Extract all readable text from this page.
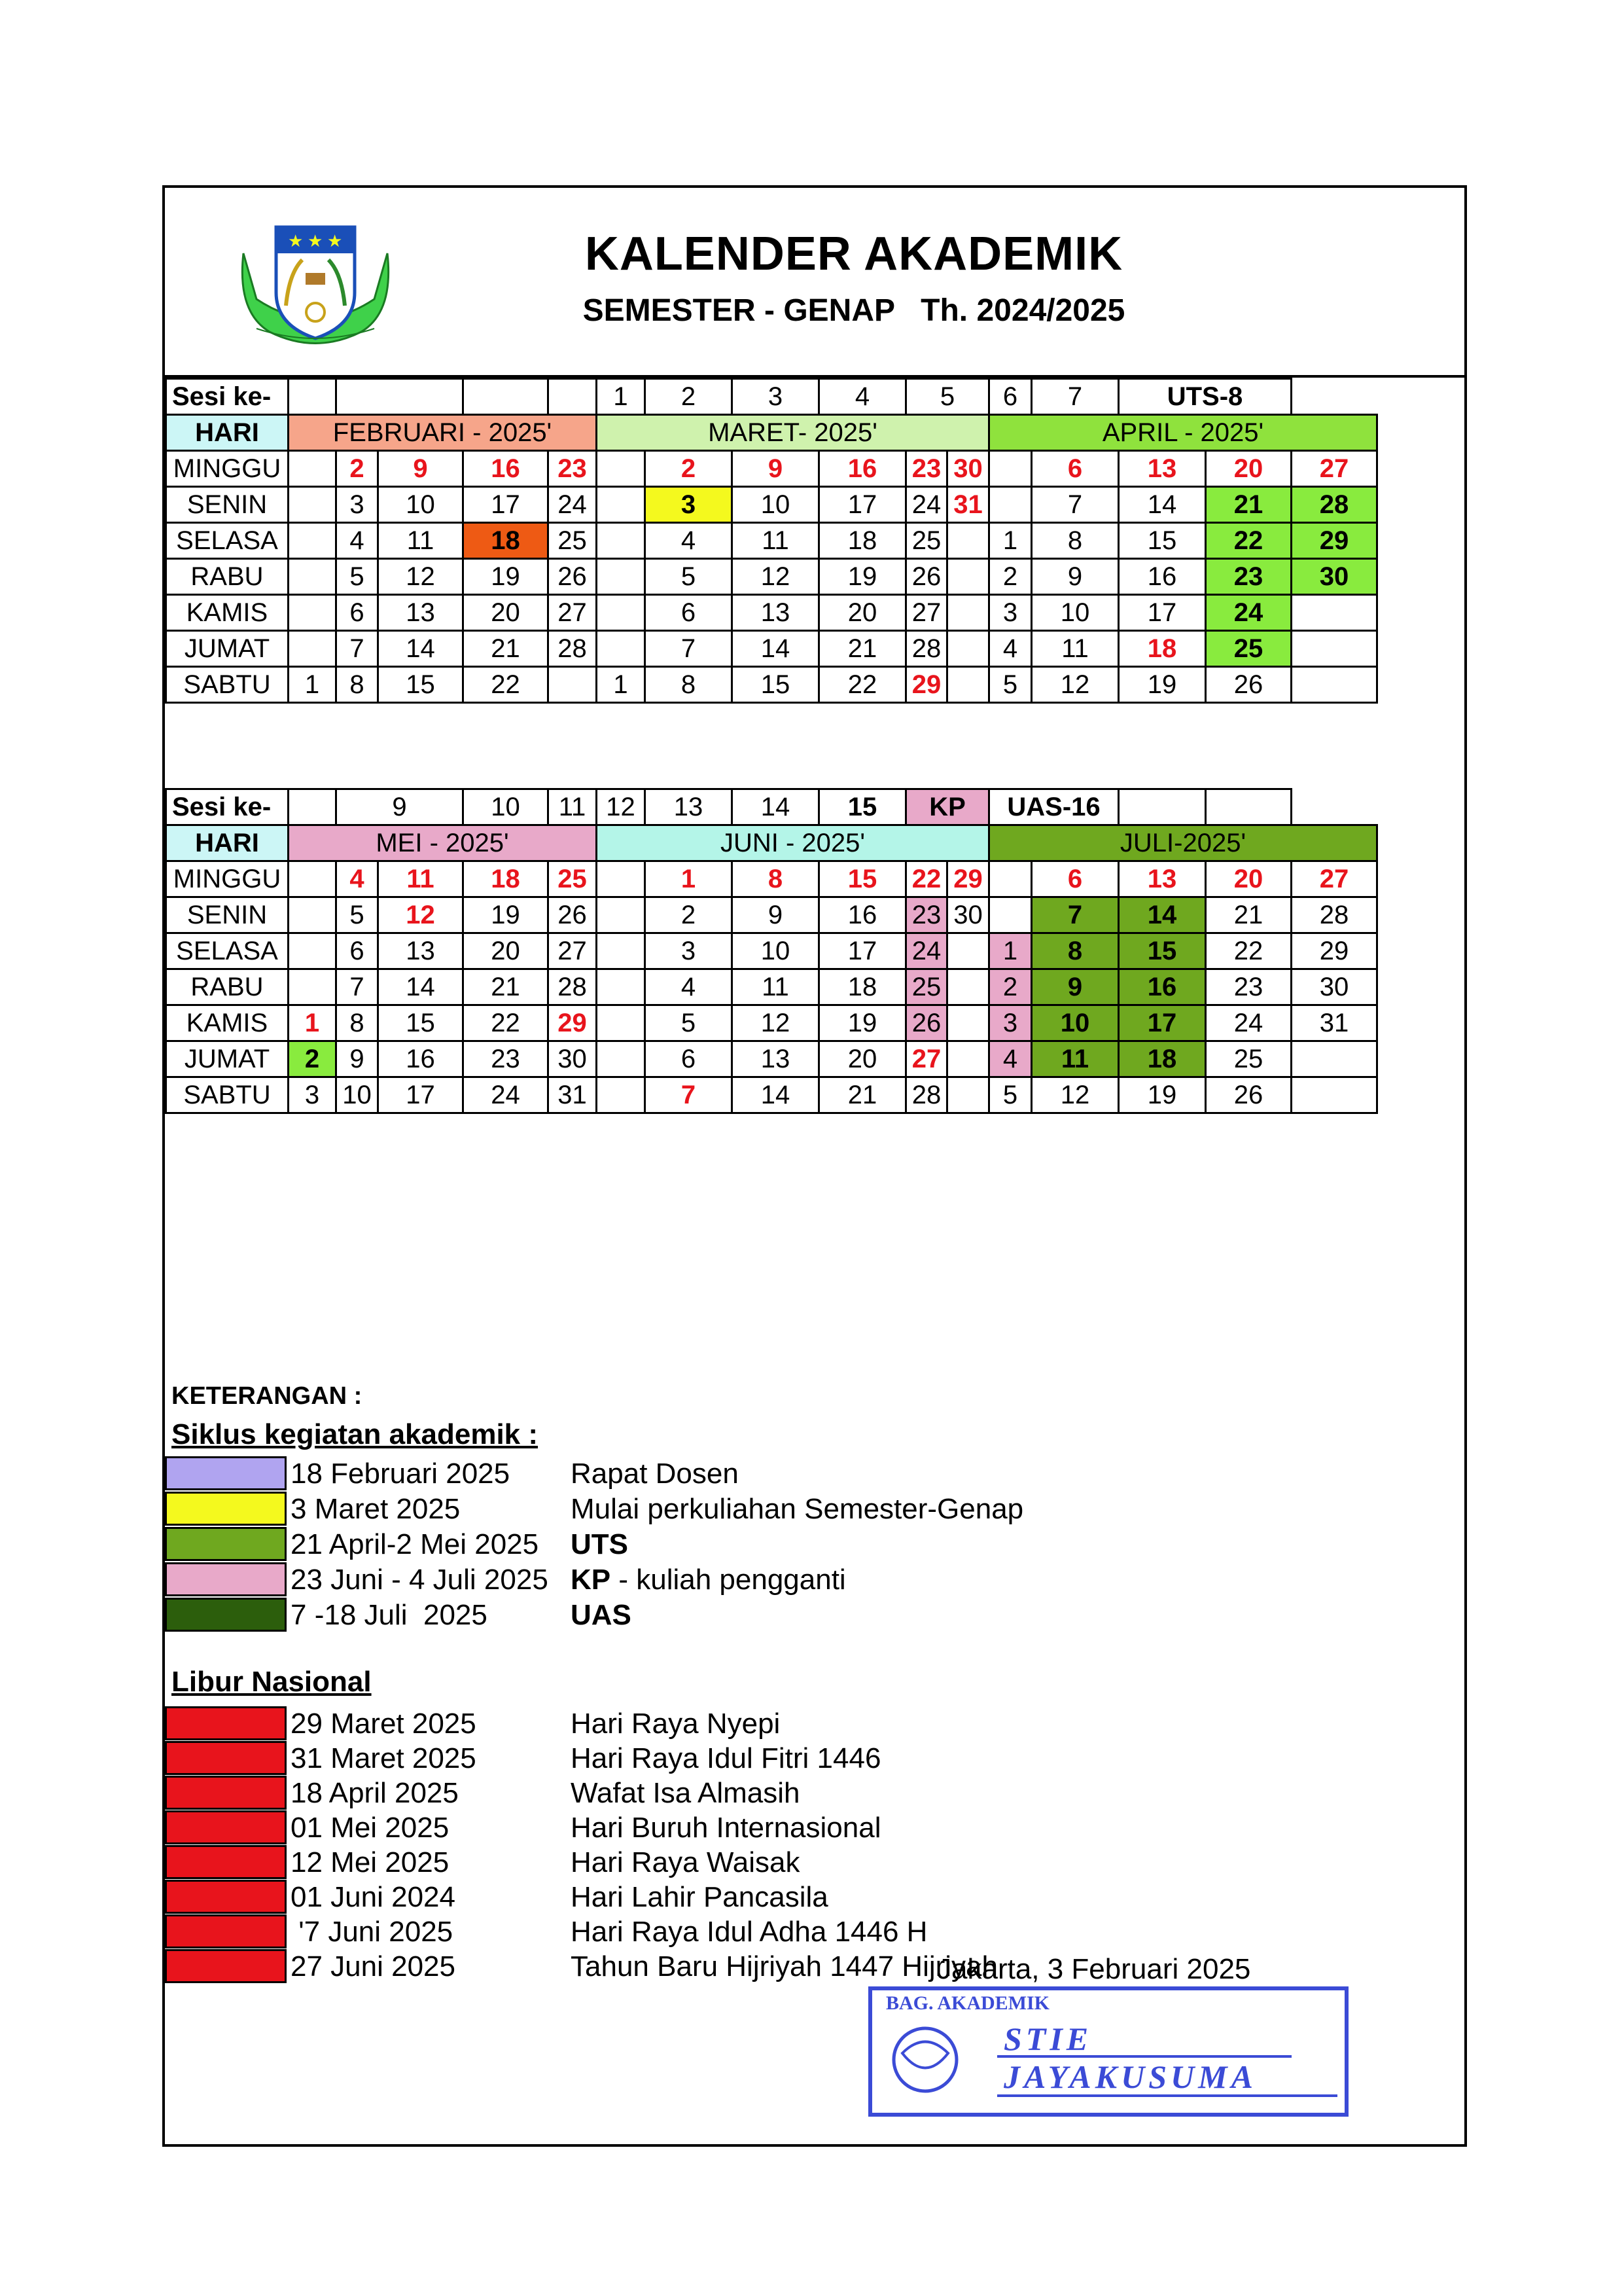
★ ★ ★	KALENDER AKADEMIK
SEMESTER - GENAP   Th. 2024/2025
Sesi ke-						1	2	3	4	5		6	7	UTS-8		
HARI	FEBRUARI - 2025'					MARET- 2025'						APRIL - 2025'				
MINGGU		2	9	16	23		2	9	16	23	30		6	13	20	27
SENIN		3	10	17	24		3	10	17	24	31		7	14	21	28
SELASA		4	11	18	25		4	11	18	25		1	8	15	22	29
RABU		5	12	19	26		5	12	19	26		2	9	16	23	30
KAMIS		6	13	20	27		6	13	20	27		3	10	17	24	
JUMAT		7	14	21	28		7	14	21	28		4	11	18	25	
SABTU	1	8	15	22		1	8	15	22	29		5	12	19	26	

Sesi ke-		9		10	11	12	13	14	15	KP		UAS-16				
HARI	MEI - 2025'					JUNI - 2025'						JULI-2025'				
MINGGU		4	11	18	25		1	8	15	22	29		6	13	20	27
SENIN		5	12	19	26		2	9	16	23	30		7	14	21	28
SELASA		6	13	20	27		3	10	17	24		1	8	15	22	29
RABU		7	14	21	28		4	11	18	25		2	9	16	23	30
KAMIS	1	8	15	22	29		5	12	19	26		3	10	17	24	31
JUMAT	2	9	16	23	30		6	13	20	27		4	11	18	25	
SABTU	3	10	17	24	31		7	14	21	28		5	12	19	26	

KETERANGAN :
Siklus kegiatan akademik :
18 Februari 2025 Rapat Dosen
3 Maret 2025	Mulai perkuliahan Semester-Genap
21 April-2 Mei 2025 UTS
23 Juni - 4 Juli 2025 KP - kuliah pengganti
7 -18 Juli  2025	UAS
Libur Nasional
29 Maret 2025	Hari Raya Nyepi
31 Maret 2025	Hari Raya Idul Fitri 1446
18 April 2025	Wafat Isa Almasih
01 Mei 2025	Hari Buruh Internasional
12 Mei 2025	Hari Raya Waisak
01 Juni 2024	Hari Lahir Pancasila
'7 Juni 2025	Hari Raya Idul Adha 1446 H
27 Juni 2025	Tahun Baru Hijriyah 1447 Hijriyah
Jakarta, 3 Februari 2025
BAG. AKADEMIK
STIE
JAYAKUSUMA
